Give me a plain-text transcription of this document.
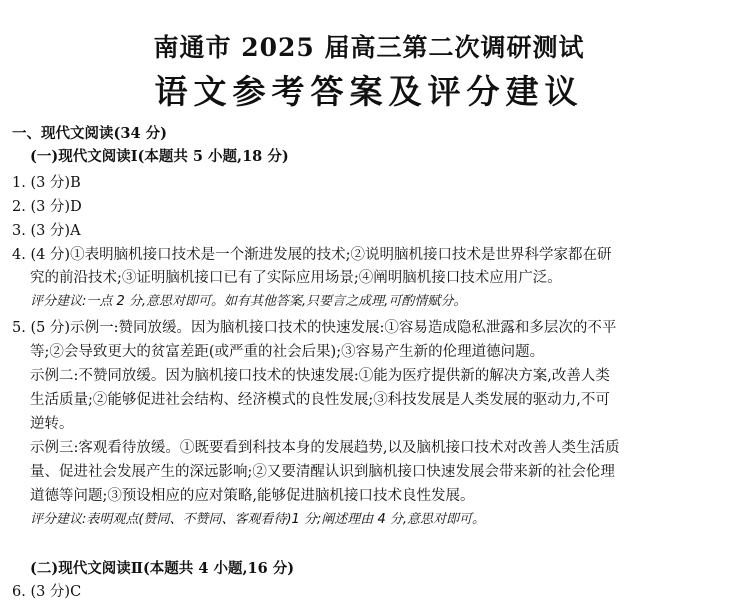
南通市 2025 届高三第二次调研测试
语文参考答案及评分建议
一、现代文阅读(34 分)
(一)现代文阅读Ⅰ(本题共 5 小题,18 分)
1. (3 分)B
2. (3 分)D
3. (3 分)A
4. (4 分)①表明脑机接口技术是一个渐进发展的技术;②说明脑机接口技术是世界科学家都在研
究的前沿技术;③证明脑机接口已有了实际应用场景;④阐明脑机接口技术应用广泛。
评分建议:一点 2 分,意思对即可。如有其他答案,只要言之成理,可酌情赋分。
5. (5 分)示例一:赞同放缓。因为脑机接口技术的快速发展:①容易造成隐私泄露和多层次的不平
等;②会导致更大的贫富差距(或严重的社会后果);③容易产生新的伦理道德问题。
示例二:不赞同放缓。因为脑机接口技术的快速发展:①能为医疗提供新的解决方案,改善人类
生活质量;②能够促进社会结构、经济模式的良性发展;③科技发展是人类发展的驱动力,不可
逆转。
示例三:客观看待放缓。①既要看到科技本身的发展趋势,以及脑机接口技术对改善人类生活质
量、促进社会发展产生的深远影响;②又要清醒认识到脑机接口快速发展会带来新的社会伦理
道德等问题;③预设相应的应对策略,能够促进脑机接口技术良性发展。
评分建议:表明观点(赞同、不赞同、客观看待)1 分;阐述理由 4 分,意思对即可。
(二)现代文阅读Ⅱ(本题共 4 小题,16 分)
6. (3 分)C
